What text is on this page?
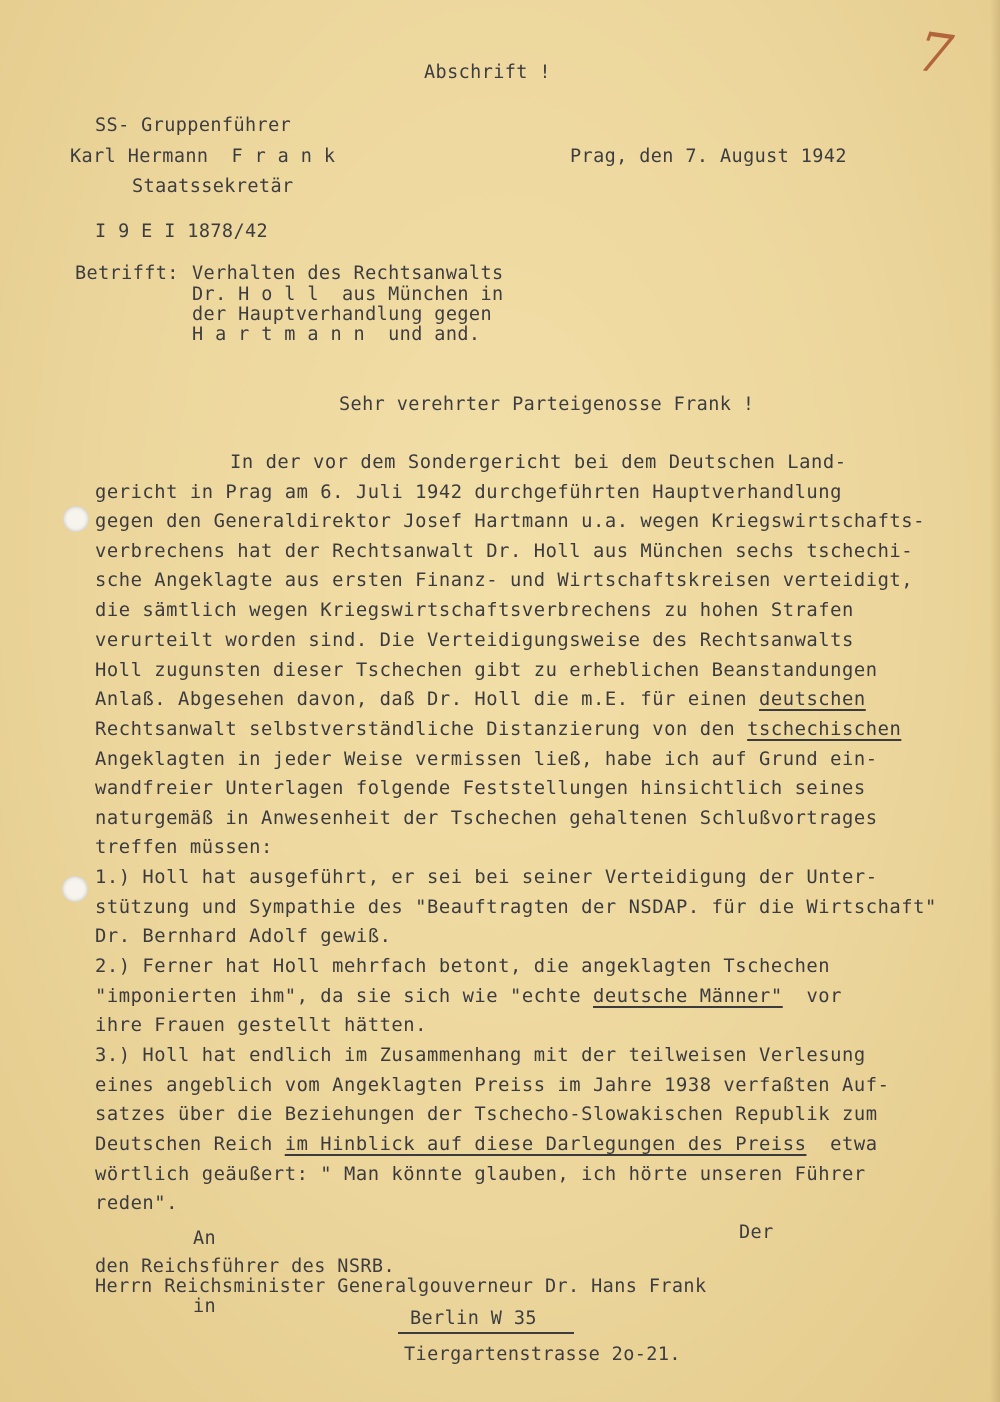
7
Abschrift !
SS- Gruppenführer
Karl Hermann  F r a n k
Staatssekretär
Prag, den 7. August 1942
I 9 E I 1878/42
Betrifft: Verhalten des Rechtsanwalts
Dr. H o l l  aus München in
der Hauptverhandlung gegen
H a r t m a n n  und and.
Sehr verehrter Parteigenosse Frank !
In der vor dem Sondergericht bei dem Deutschen Land-
gericht in Prag am 6. Juli 1942 durchgeführten Hauptverhandlung
gegen den Generaldirektor Josef Hartmann u.a. wegen Kriegswirtschafts-
verbrechens hat der Rechtsanwalt Dr. Holl aus München sechs tschechi-
sche Angeklagte aus ersten Finanz- und Wirtschaftskreisen verteidigt,
die sämtlich wegen Kriegswirtschaftsverbrechens zu hohen Strafen
verurteilt worden sind. Die Verteidigungsweise des Rechtsanwalts
Holl zugunsten dieser Tschechen gibt zu erheblichen Beanstandungen
Anlaß. Abgesehen davon, daß Dr. Holl die m.E. für einen deutschen
Rechtsanwalt selbstverständliche Distanzierung von den tschechischen
Angeklagten in jeder Weise vermissen ließ, habe ich auf Grund ein-
wandfreier Unterlagen folgende Feststellungen hinsichtlich seines
naturgemäß in Anwesenheit der Tschechen gehaltenen Schlußvortrages
treffen müssen:
1.) Holl hat ausgeführt, er sei bei seiner Verteidigung der Unter-
stützung und Sympathie des "Beauftragten der NSDAP. für die Wirtschaft"
Dr. Bernhard Adolf gewiß.
2.) Ferner hat Holl mehrfach betont, die angeklagten Tschechen
"imponierten ihm", da sie sich wie "echte deutsche Männer"  vor
ihre Frauen gestellt hätten.
3.) Holl hat endlich im Zusammenhang mit der teilweisen Verlesung
eines angeblich vom Angeklagten Preiss im Jahre 1938 verfaßten Auf-
satzes über die Beziehungen der Tschecho-Slowakischen Republik zum
Deutschen Reich im Hinblick auf diese Darlegungen des Preiss  etwa
wörtlich geäußert: " Man könnte glauben, ich hörte unseren Führer
reden".
An	Der
den Reichsführer des NSRB.
Herrn Reichsminister Generalgouverneur Dr. Hans Frank
in
Berlin W 35
Tiergartenstrasse 2o-21.
